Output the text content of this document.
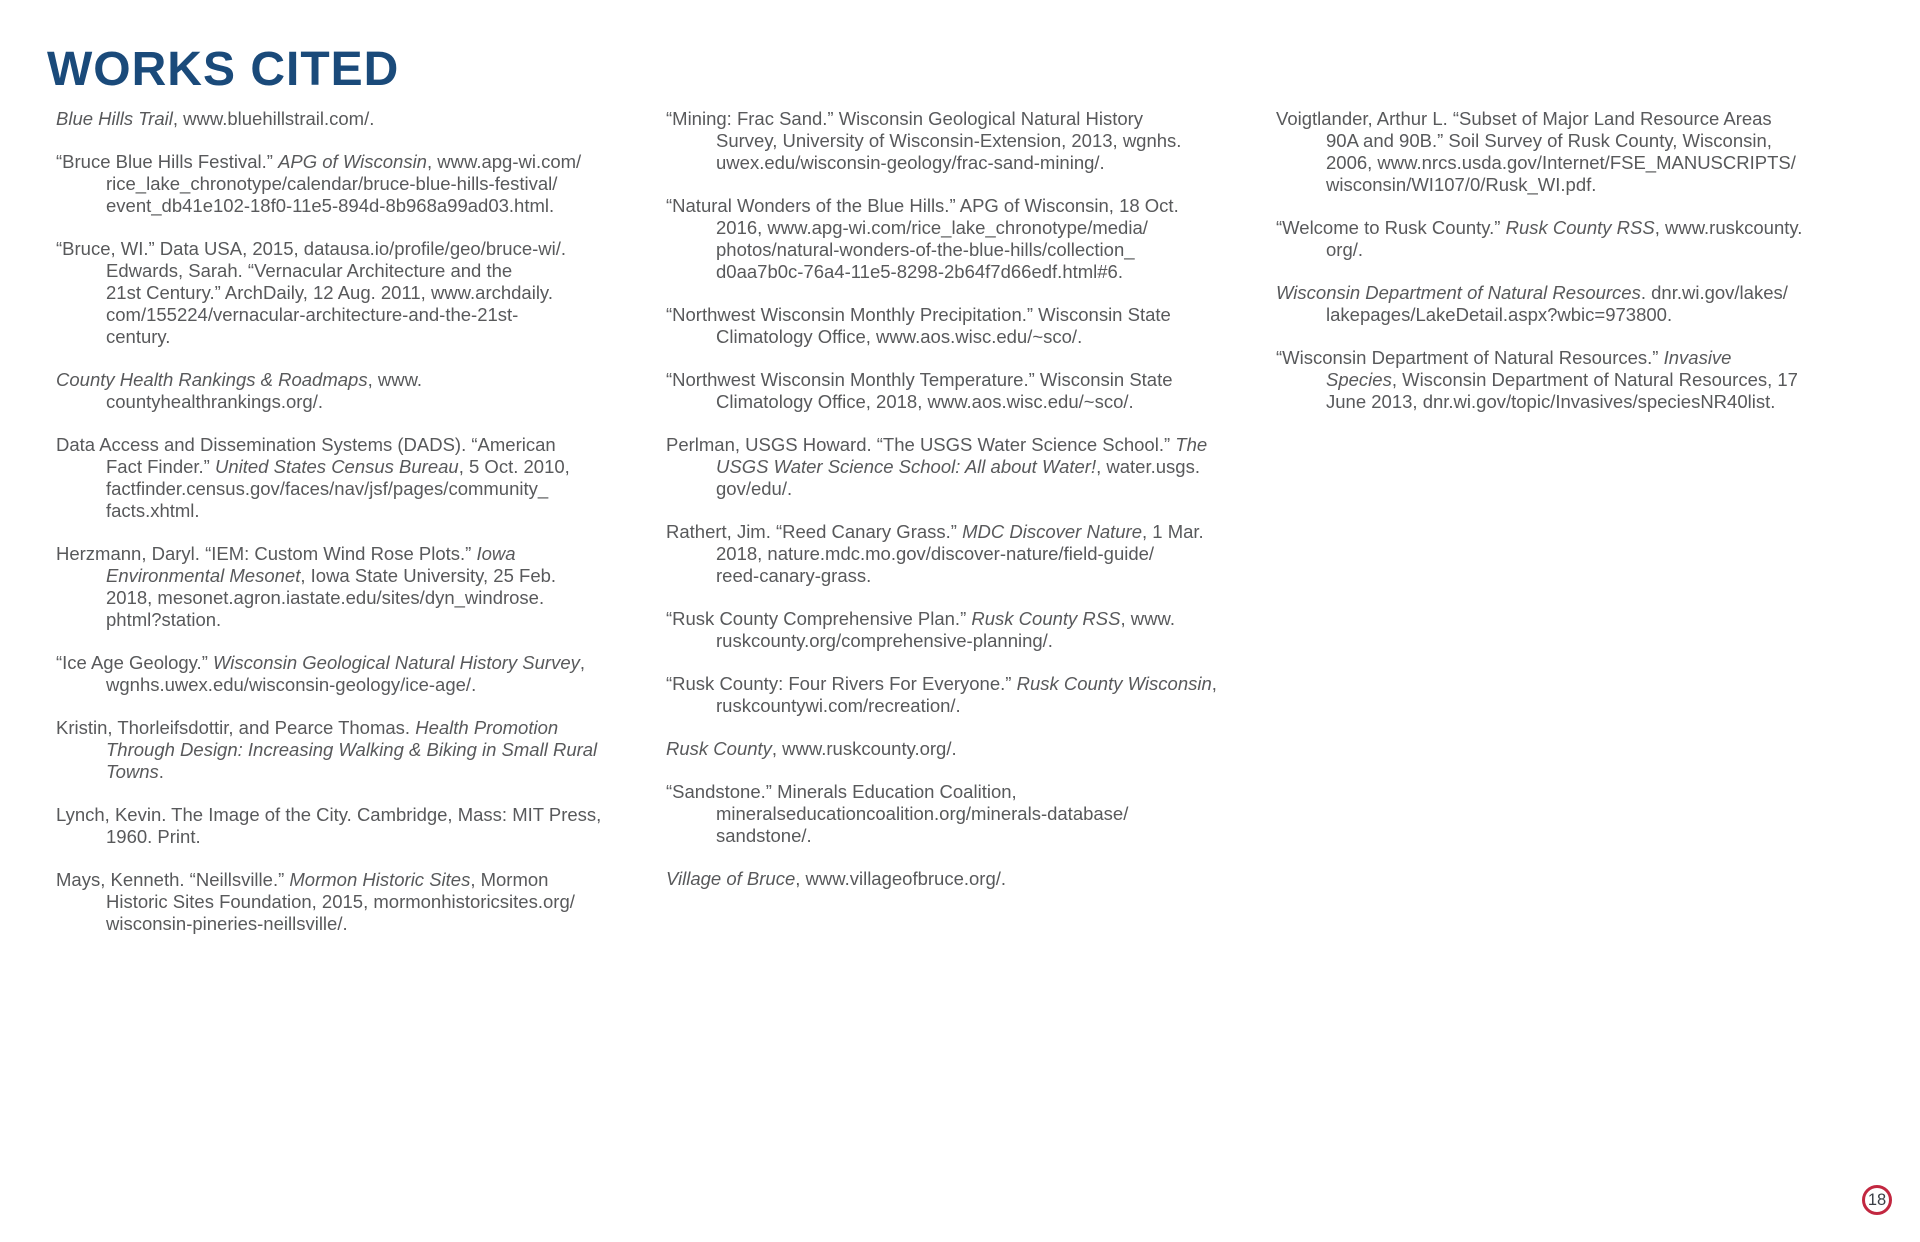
WORKS CITED

Blue Hills Trail, www.bluehillstrail.com/.

“Bruce Blue Hills Festival.” APG of Wisconsin, www.apg-wi.com/
rice_lake_chronotype/calendar/bruce-blue-hills-festival/
event_db41e102-18f0-11e5-894d-8b968a99ad03.html.

“Bruce, WI.” Data USA, 2015, datausa.io/profile/geo/bruce-wi/.
Edwards, Sarah. “Vernacular Architecture and the
21st Century.” ArchDaily, 12 Aug. 2011, www.archdaily.
com/155224/vernacular-architecture-and-the-21st-
century.

County Health Rankings & Roadmaps, www.
countyhealthrankings.org/.

Data Access and Dissemination Systems (DADS). “American
Fact Finder.” United States Census Bureau, 5 Oct. 2010,
factfinder.census.gov/faces/nav/jsf/pages/community_
facts.xhtml.

Herzmann, Daryl. “IEM: Custom Wind Rose Plots.” Iowa
Environmental Mesonet, Iowa State University, 25 Feb.
2018, mesonet.agron.iastate.edu/sites/dyn_windrose.
phtml?station.

“Ice Age Geology.” Wisconsin Geological Natural History Survey,
wgnhs.uwex.edu/wisconsin-geology/ice-age/.

Kristin, Thorleifsdottir, and Pearce Thomas. Health Promotion
Through Design: Increasing Walking & Biking in Small Rural
Towns.

Lynch, Kevin. The Image of the City. Cambridge, Mass: MIT Press,
1960. Print.

Mays, Kenneth. “Neillsville.” Mormon Historic Sites, Mormon
Historic Sites Foundation, 2015, mormonhistoricsites.org/
wisconsin-pineries-neillsville/.

“Mining: Frac Sand.” Wisconsin Geological Natural History
Survey, University of Wisconsin-Extension, 2013, wgnhs.
uwex.edu/wisconsin-geology/frac-sand-mining/.

“Natural Wonders of the Blue Hills.” APG of Wisconsin, 18 Oct.
2016, www.apg-wi.com/rice_lake_chronotype/media/
photos/natural-wonders-of-the-blue-hills/collection_
d0aa7b0c-76a4-11e5-8298-2b64f7d66edf.html#6.

“Northwest Wisconsin Monthly Precipitation.” Wisconsin State
Climatology Office, www.aos.wisc.edu/~sco/.

“Northwest Wisconsin Monthly Temperature.” Wisconsin State
Climatology Office, 2018, www.aos.wisc.edu/~sco/.

Perlman, USGS Howard. “The USGS Water Science School.” The
USGS Water Science School: All about Water!, water.usgs.
gov/edu/.

Rathert, Jim. “Reed Canary Grass.” MDC Discover Nature, 1 Mar.
2018, nature.mdc.mo.gov/discover-nature/field-guide/
reed-canary-grass.

“Rusk County Comprehensive Plan.” Rusk County RSS, www.
ruskcounty.org/comprehensive-planning/.

“Rusk County: Four Rivers For Everyone.” Rusk County Wisconsin,
ruskcountywi.com/recreation/.

Rusk County, www.ruskcounty.org/.

“Sandstone.” Minerals Education Coalition,
mineralseducationcoalition.org/minerals-database/
sandstone/.

Village of Bruce, www.villageofbruce.org/.

Voigtlander, Arthur L. “Subset of Major Land Resource Areas
90A and 90B.” Soil Survey of Rusk County, Wisconsin,
2006, www.nrcs.usda.gov/Internet/FSE_MANUSCRIPTS/
wisconsin/WI107/0/Rusk_WI.pdf.

“Welcome to Rusk County.” Rusk County RSS, www.ruskcounty.
org/.

Wisconsin Department of Natural Resources. dnr.wi.gov/lakes/
lakepages/LakeDetail.aspx?wbic=973800.

“Wisconsin Department of Natural Resources.” Invasive
Species, Wisconsin Department of Natural Resources, 17
June 2013, dnr.wi.gov/topic/Invasives/speciesNR40list.

18
